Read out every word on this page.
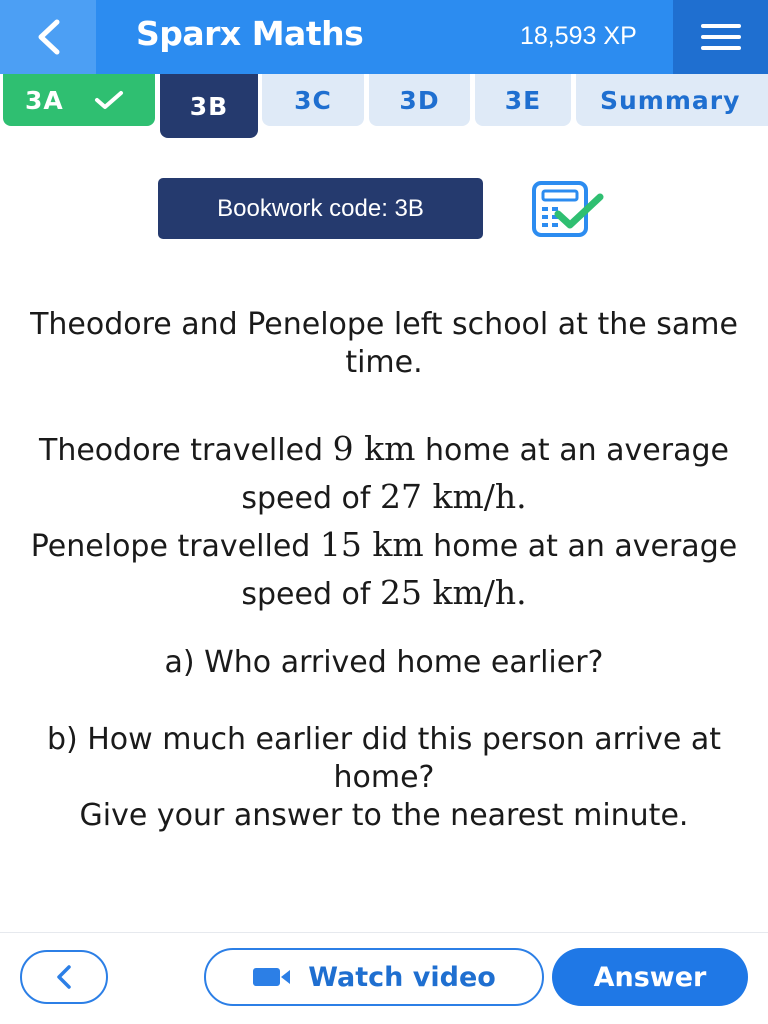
Sparx Maths	18,593 XP
3A	3B	3C	3D	3E Summary
Bookwork code: 3B
Theodore and Penelope left school at the same time.
Theodore travelled 9 km home at an average speed of 27 km/h.
Penelope travelled 15 km home at an average speed of 25 km/h.
a) Who arrived home earlier?
b) How much earlier did this person arrive at home?
Give your answer to the nearest minute.
Watch video	Answer
